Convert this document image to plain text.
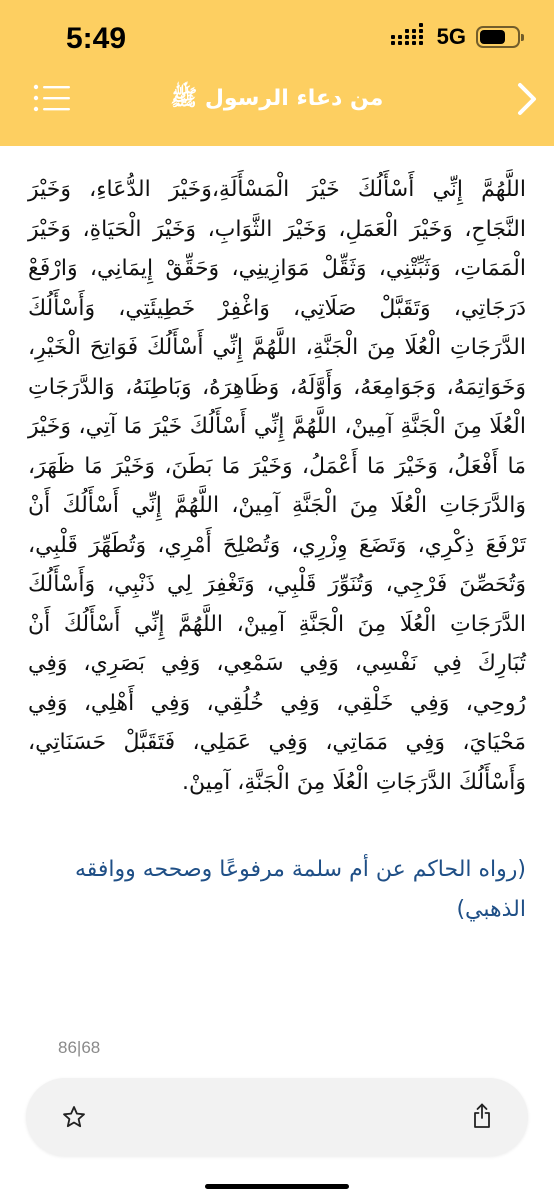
5:49	5G
من دعاء الرسول ﷺ

اللَّهُمَّ إِنِّي أَسْأَلُكَ خَيْرَ الْمَسْأَلَةِ،وَخَيْرَ الدُّعَاءِ، وَخَيْرَ النَّجَاحِ، وَخَيْرَ الْعَمَلِ، وَخَيْرَ الثَّوَابِ، وَخَيْرَ الْحَيَاةِ، وَخَيْرَ الْمَمَاتِ، وَثَبِّتْنِي، وَثَقِّلْ مَوَازِينِي، وَحَقِّقْ إِيمَانِي، وَارْفَعْ دَرَجَاتِي، وَتَقَبَّلْ صَلَاتِي، وَاغْفِرْ خَطِيئَتِي، وَأَسْأَلُكَ الدَّرَجَاتِ الْعُلَا مِنَ الْجَنَّةِ، اللَّهُمَّ إِنِّي أَسْأَلُكَ فَوَاتِحَ الْخَيْرِ، وَخَوَاتِمَهُ، وَجَوَامِعَهُ، وَأَوَّلَهُ، وَظَاهِرَهُ، وَبَاطِنَهُ، وَالدَّرَجَاتِ الْعُلَا مِنَ الْجَنَّةِ آمِينْ، اللَّهُمَّ إِنِّي أَسْأَلُكَ خَيْرَ مَا آتِي، وَخَيْرَ مَا أَفْعَلُ، وَخَيْرَ مَا أَعْمَلُ، وَخَيْرَ مَا بَطَنَ، وَخَيْرَ مَا ظَهَرَ، وَالدَّرَجَاتِ الْعُلَا مِنَ الْجَنَّةِ آمِينْ، اللَّهُمَّ إِنِّي أَسْأَلُكَ أَنْ تَرْفَعَ ذِكْرِي، وَتَضَعَ وِزْرِي، وَتُصْلِحَ أَمْرِي، وَتُطَهِّرَ قَلْبِي، وَتُحَصِّنَ فَرْجِي، وَتُنَوِّرَ قَلْبِي، وَتَغْفِرَ لِي ذَنْبِي، وَأَسْأَلُكَ الدَّرَجَاتِ الْعُلَا مِنَ الْجَنَّةِ آمِينْ، اللَّهُمَّ إِنِّي أَسْأَلُكَ أَنْ تُبَارِكَ فِي نَفْسِي، وَفِي سَمْعِي، وَفِي بَصَرِي، وَفِي رُوحِي، وَفِي خَلْقِي، وَفِي خُلُقِي، وَفِي أَهْلِي، وَفِي مَحْيَايَ، وَفِي مَمَاتِي، وَفِي عَمَلِي، فَتَقَبَّلْ حَسَنَاتِي، وَأَسْأَلُكَ الدَّرَجَاتِ الْعُلَا مِنَ الْجَنَّةِ، آمِينْ.

(رواه الحاكم عن أم سلمة مرفوعًا وصححه ووافقه الذهبي)

86|68
